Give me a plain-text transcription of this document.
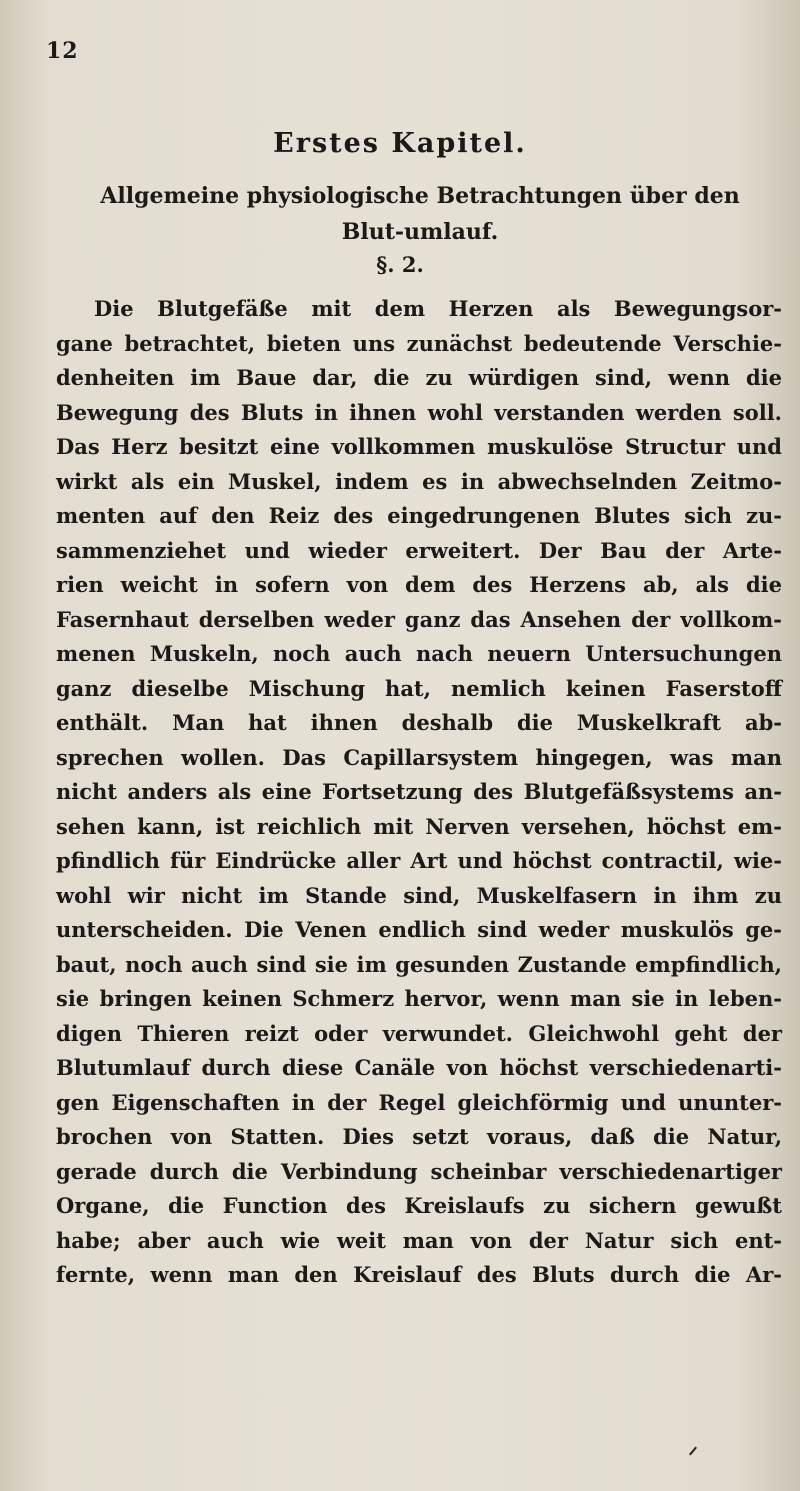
12
Erstes Kapitel.
Allgemeine physiologische Betrachtungen über den Blut-umlauf.
§. 2.
Die Blutgefäße mit dem Herzen als Bewegungsor-
gane betrachtet, bieten uns zunächst bedeutende Verschie-
denheiten im Baue dar, die zu würdigen sind, wenn die
Bewegung des Bluts in ihnen wohl verstanden werden soll.
Das Herz besitzt eine vollkommen muskulöse Structur und
wirkt als ein Muskel, indem es in abwechselnden Zeitmo-
menten auf den Reiz des eingedrungenen Blutes sich zu-
sammenziehet und wieder erweitert. Der Bau der Arte-
rien weicht in sofern von dem des Herzens ab, als die
Fasernhaut derselben weder ganz das Ansehen der vollkom-
menen Muskeln, noch auch nach neuern Untersuchungen
ganz dieselbe Mischung hat, nemlich keinen Faserstoff
enthält. Man hat ihnen deshalb die Muskelkraft ab-
sprechen wollen. Das Capillarsystem hingegen, was man
nicht anders als eine Fortsetzung des Blutgefäßsystems an-
sehen kann, ist reichlich mit Nerven versehen, höchst em-
pfindlich für Eindrücke aller Art und höchst contractil, wie-
wohl wir nicht im Stande sind, Muskelfasern in ihm zu
unterscheiden. Die Venen endlich sind weder muskulös ge-
baut, noch auch sind sie im gesunden Zustande empfindlich,
sie bringen keinen Schmerz hervor, wenn man sie in leben-
digen Thieren reizt oder verwundet. Gleichwohl geht der
Blutumlauf durch diese Canäle von höchst verschiedenarti-
gen Eigenschaften in der Regel gleichförmig und ununter-
brochen von Statten. Dies setzt voraus, daß die Natur,
gerade durch die Verbindung scheinbar verschiedenartiger
Organe, die Function des Kreislaufs zu sichern gewußt
habe; aber auch wie weit man von der Natur sich ent-
fernte, wenn man den Kreislauf des Bluts durch die Ar-
